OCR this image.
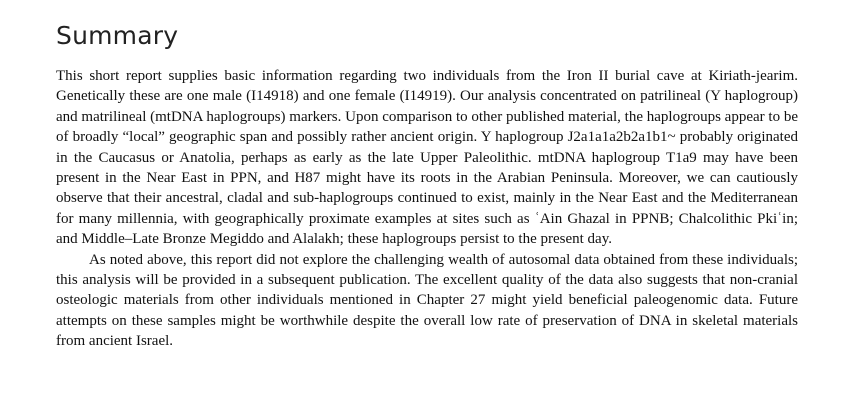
Summary

This short report supplies basic information regarding two individuals from the Iron II burial cave at Kiriath-jearim. Genetically these are one male (I14918) and one female (I14919). Our analysis concentrated on patrilineal (Y haplogroup) and matrilineal (mtDNA haplogroups) markers. Upon comparison to other published material, the haplogroups appear to be of broadly “local” geographic span and possibly rather ancient origin. Y haplogroup J2a1a1a2b2a1b1~ probably originated in the Caucasus or Anatolia, perhaps as early as the late Upper Paleolithic. mtDNA haplogroup T1a9 may have been present in the Near East in PPN, and H87 might have its roots in the Arabian Peninsula. Moreover, we can cautiously observe that their ancestral, cladal and sub-haplogroups continued to exist, mainly in the Near East and the Mediterranean for many millennia, with geographically proximate examples at sites such as ʿAin Ghazal in PPNB; Chalcolithic Pkiʿin; and Middle–Late Bronze Megiddo and Alalakh; these haplogroups persist to the present day.

As noted above, this report did not explore the challenging wealth of autosomal data obtained from these individuals; this analysis will be provided in a subsequent publication. The excellent quality of the data also suggests that non-cranial osteologic materials from other individuals mentioned in Chapter 27 might yield beneficial paleogenomic data. Future attempts on these samples might be worthwhile despite the overall low rate of preservation of DNA in skeletal materials from ancient Israel.
